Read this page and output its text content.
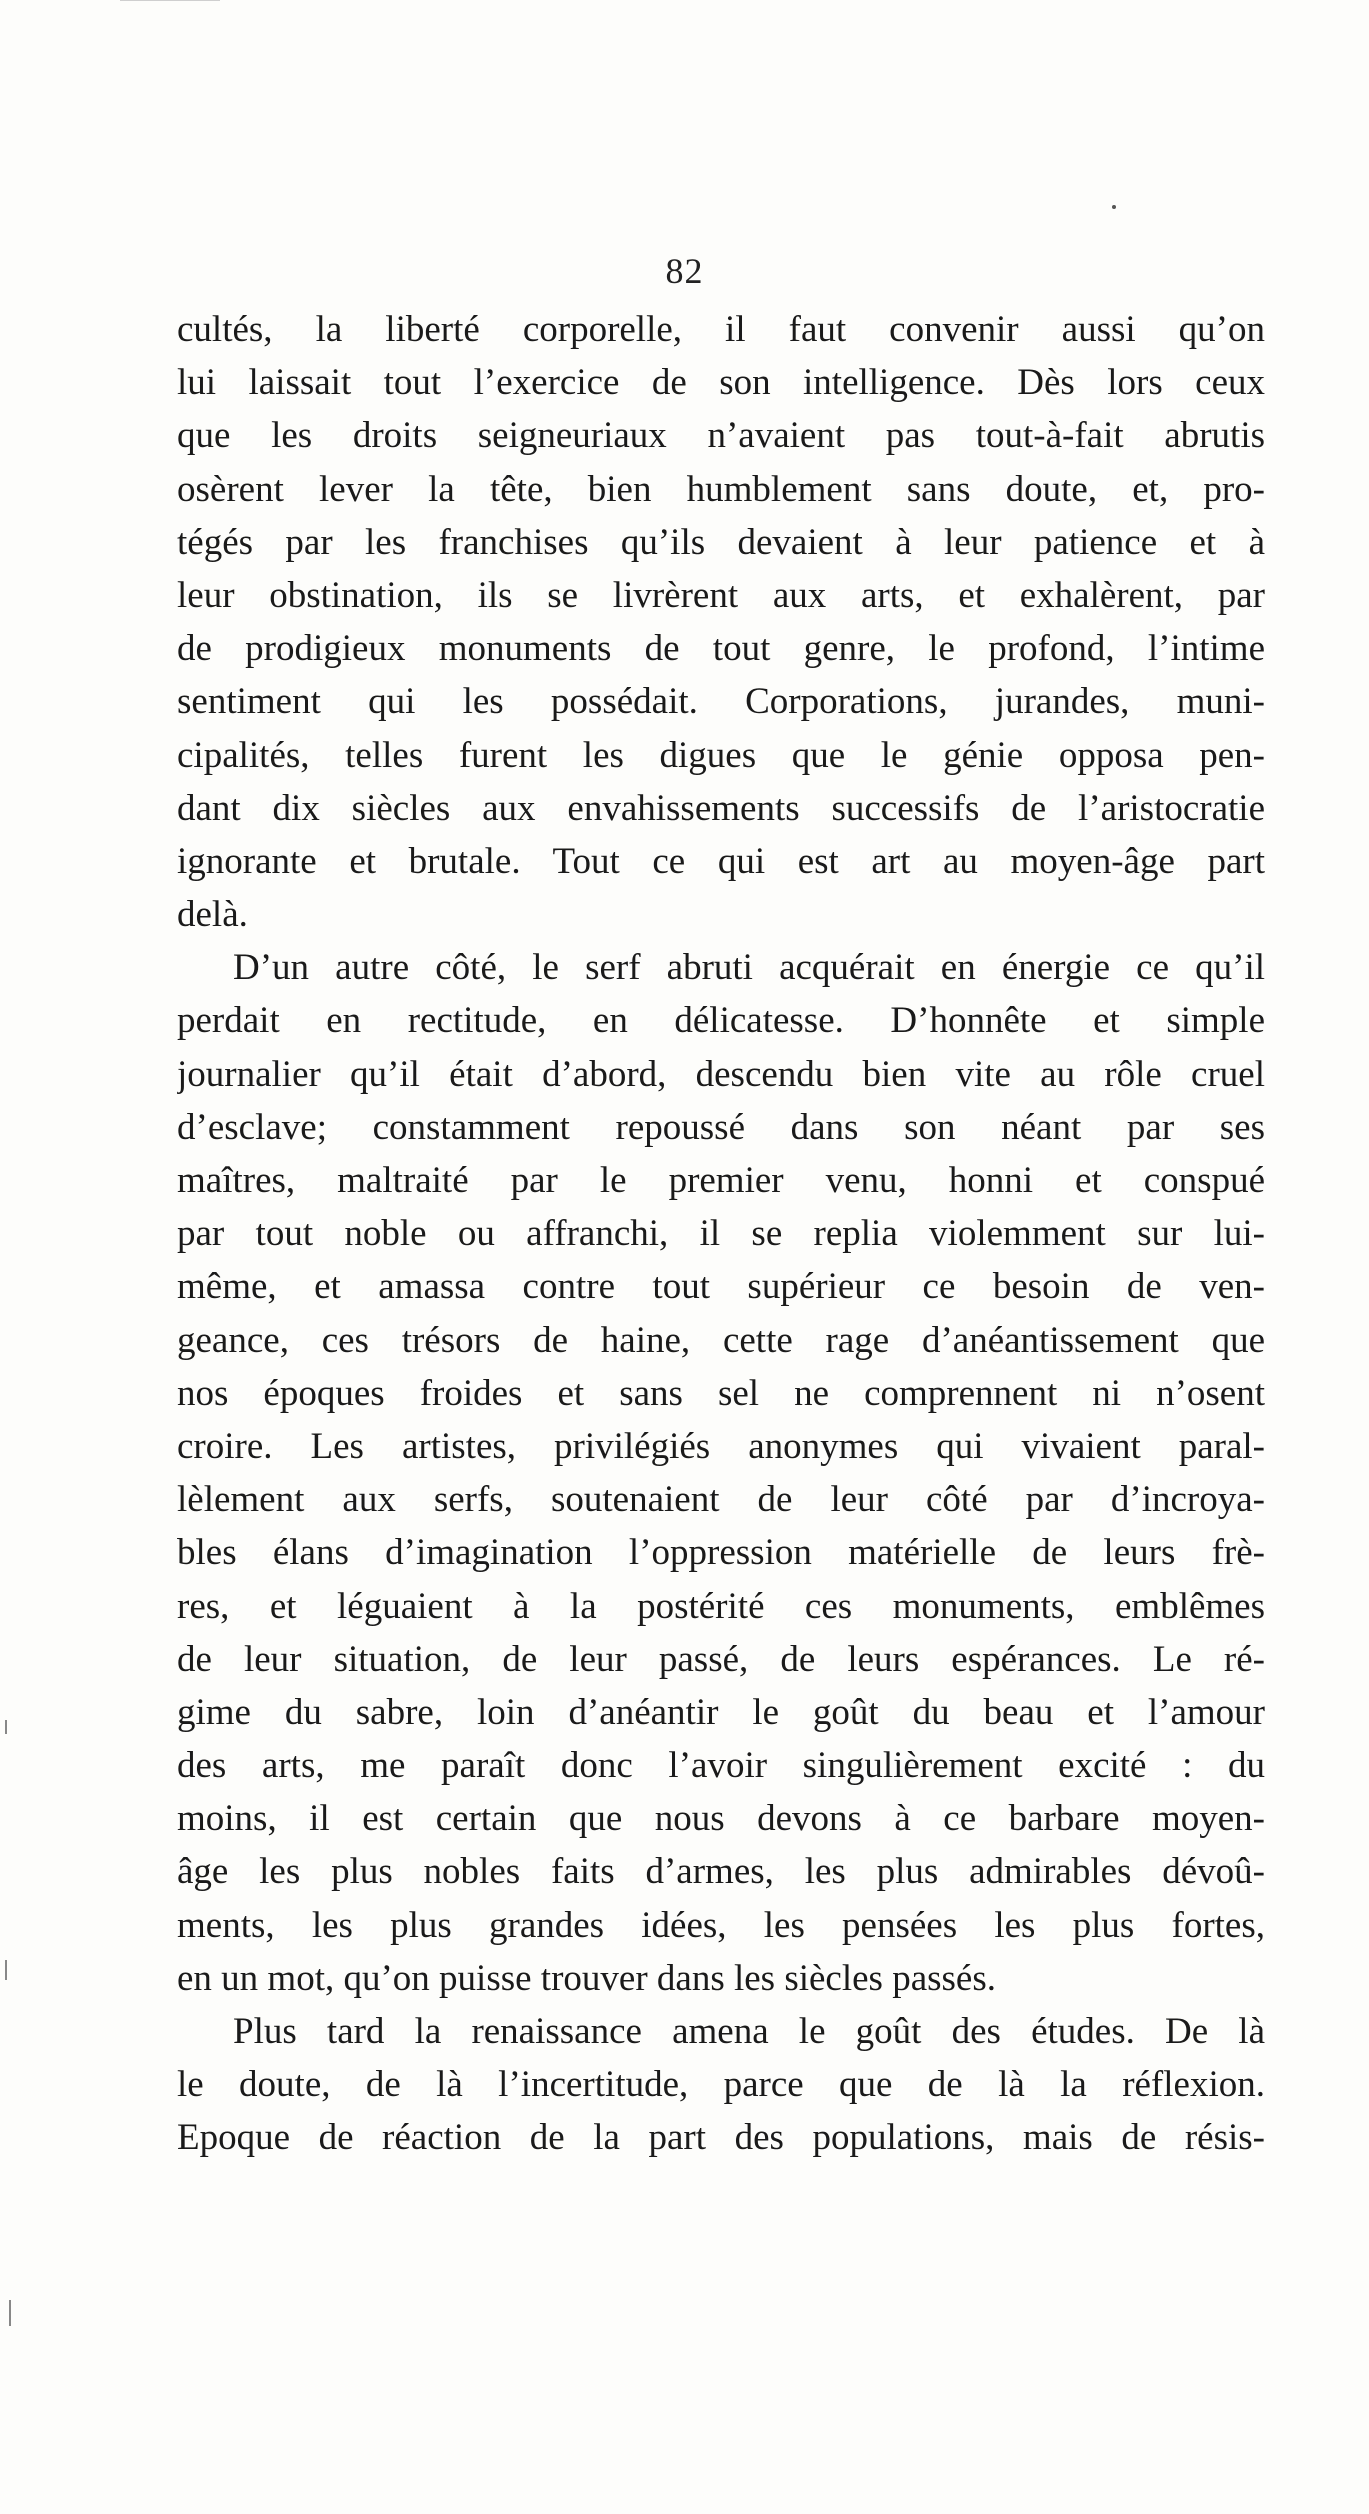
82
cultés, la liberté corporelle, il faut convenir aussi qu’on
lui laissait tout l’exercice de son intelligence. Dès lors ceux
que les droits seigneuriaux n’avaient pas tout-à-fait abrutis
osèrent lever la tête, bien humblement sans doute, et, pro-
tégés par les franchises qu’ils devaient à leur patience et à
leur obstination, ils se livrèrent aux arts, et exhalèrent, par
de prodigieux monuments de tout genre, le profond, l’intime
sentiment qui les possédait. Corporations, jurandes, muni-
cipalités, telles furent les digues que le génie opposa pen-
dant dix siècles aux envahissements successifs de l’aristocratie
ignorante et brutale. Tout ce qui est art au moyen-âge part
delà.
D’un autre côté, le serf abruti acquérait en énergie ce qu’il
perdait en rectitude, en délicatesse. D’honnête et simple
journalier qu’il était d’abord, descendu bien vite au rôle cruel
d’esclave; constamment repoussé dans son néant par ses
maîtres, maltraité par le premier venu, honni et conspué
par tout noble ou affranchi, il se replia violemment sur lui-
même, et amassa contre tout supérieur ce besoin de ven-
geance, ces trésors de haine, cette rage d’anéantissement que
nos époques froides et sans sel ne comprennent ni n’osent
croire. Les artistes, privilégiés anonymes qui vivaient paral-
lèlement aux serfs, soutenaient de leur côté par d’incroya-
bles élans d’imagination l’oppression matérielle de leurs frè-
res, et léguaient à la postérité ces monuments, emblêmes
de leur situation, de leur passé, de leurs espérances. Le ré-
gime du sabre, loin d’anéantir le goût du beau et l’amour
des arts, me paraît donc l’avoir singulièrement excité : du
moins, il est certain que nous devons à ce barbare moyen-
âge les plus nobles faits d’armes, les plus admirables dévoû-
ments, les plus grandes idées, les pensées les plus fortes,
en un mot, qu’on puisse trouver dans les siècles passés.
Plus tard la renaissance amena le goût des études. De là
le doute, de là l’incertitude, parce que de là la réflexion.
Epoque de réaction de la part des populations, mais de résis-
